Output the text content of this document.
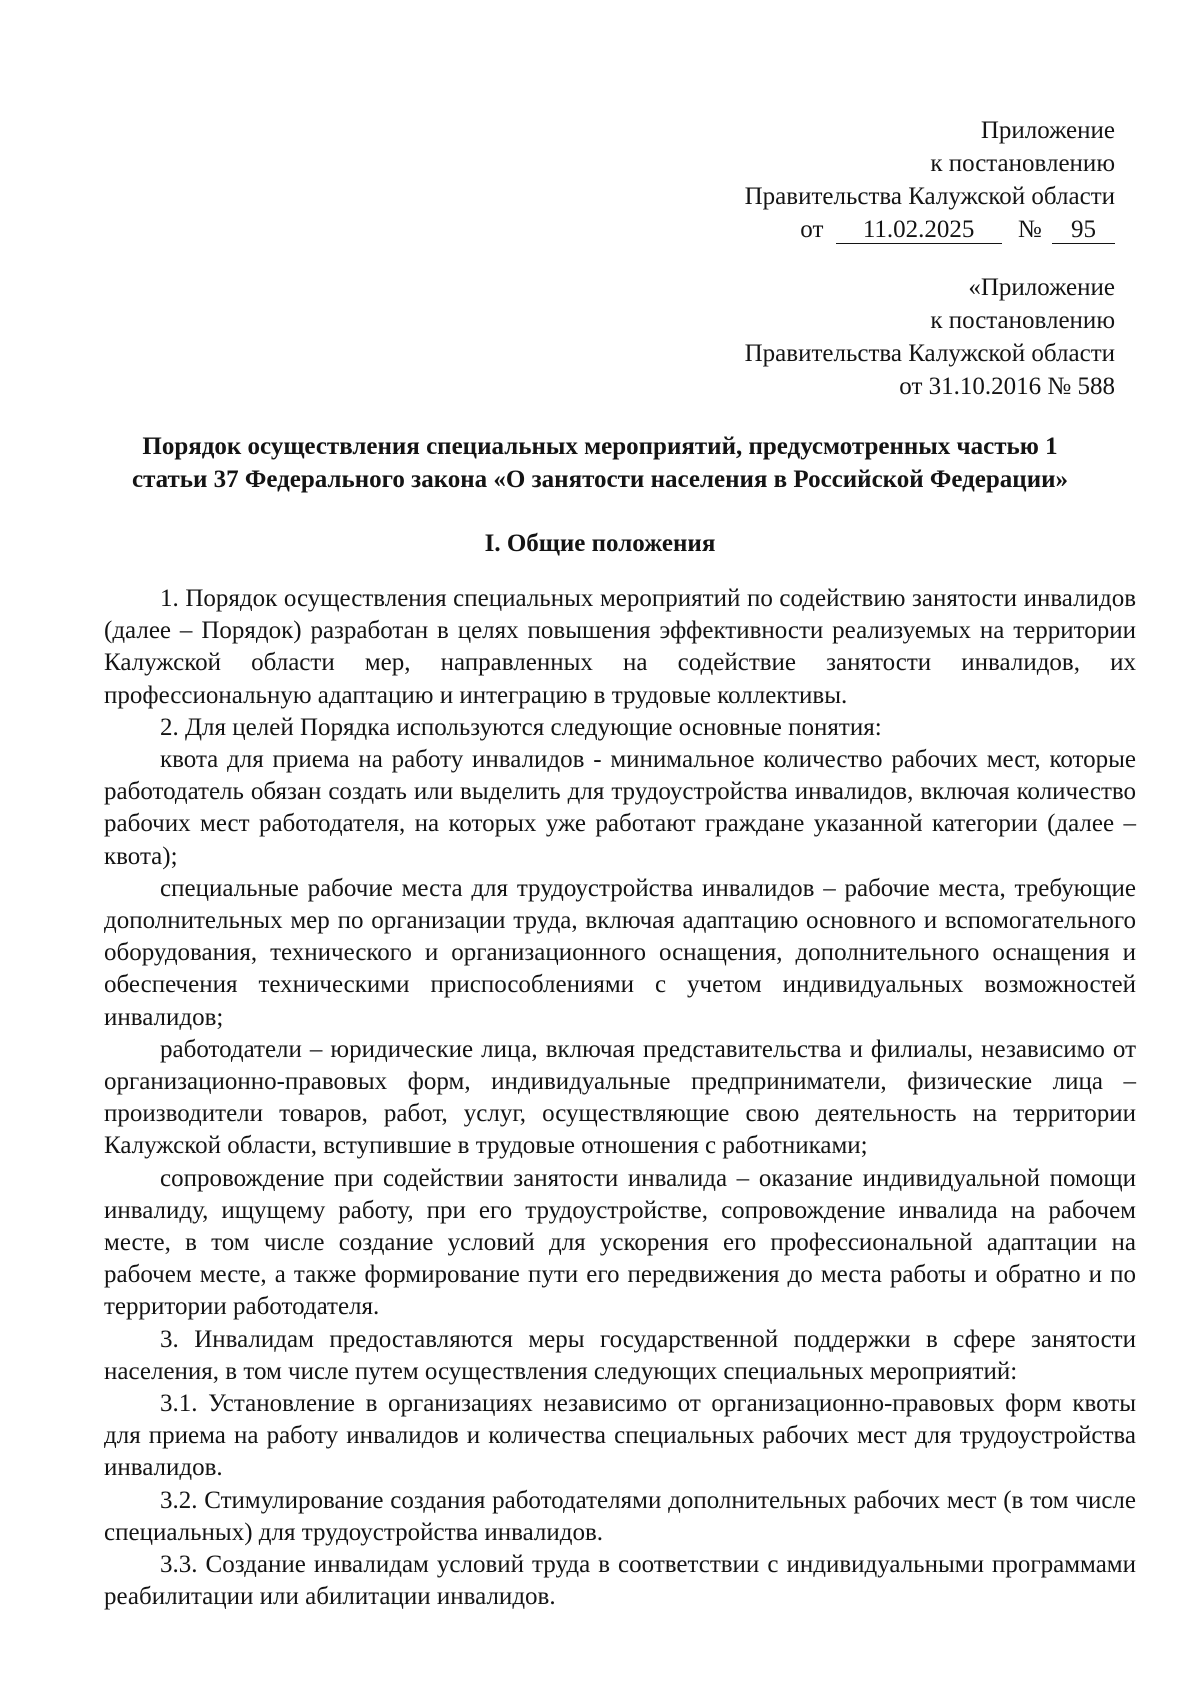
Приложение
к постановлению
Правительства Калужской области
от 11.02.2025 № 95
«Приложение
к постановлению
Правительства Калужской области
от 31.10.2016 № 588
Порядок осуществления специальных мероприятий, предусмотренных частью 1
статьи 37 Федерального закона «О занятости населения в Российской Федерации»
I. Общие положения

1. Порядок осуществления специальных мероприятий по содействию занятости инвалидов (далее – Порядок) разработан в целях повышения эффективности реализуемых на территории Калужской области мер, направленных на содействие занятости инвалидов, их профессиональную адаптацию и интеграцию в трудовые коллективы.

2. Для целей Порядка используются следующие основные понятия:

квота для приема на работу инвалидов - минимальное количество рабочих мест, которые работодатель обязан создать или выделить для трудоустройства инвалидов, включая количество рабочих мест работодателя, на которых уже работают граждане указанной категории (далее – квота);

специальные рабочие места для трудоустройства инвалидов – рабочие места, требующие дополнительных мер по организации труда, включая адаптацию основного и вспомогательного оборудования, технического и организационного оснащения, дополнительного оснащения и обеспечения техническими приспособлениями с учетом индивидуальных возможностей инвалидов;

работодатели – юридические лица, включая представительства и филиалы, независимо от организационно-правовых форм, индивидуальные предприниматели, физические лица – производители товаров, работ, услуг, осуществляющие свою деятельность на территории Калужской области, вступившие в трудовые отношения с работниками;

сопровождение при содействии занятости инвалида – оказание индивидуальной помощи инвалиду, ищущему работу, при его трудоустройстве, сопровождение инвалида на рабочем месте, в том числе создание условий для ускорения его профессиональной адаптации на рабочем месте, а также формирование пути его передвижения до места работы и обратно и по территории работодателя.

3. Инвалидам предоставляются меры государственной поддержки в сфере занятости населения, в том числе путем осуществления следующих специальных мероприятий:

3.1. Установление в организациях независимо от организационно-правовых форм квоты для приема на работу инвалидов и количества специальных рабочих мест для трудоустройства инвалидов.

3.2. Стимулирование создания работодателями дополнительных рабочих мест (в том числе специальных) для трудоустройства инвалидов.

3.3. Создание инвалидам условий труда в соответствии с индивидуальными программами реабилитации или абилитации инвалидов.
